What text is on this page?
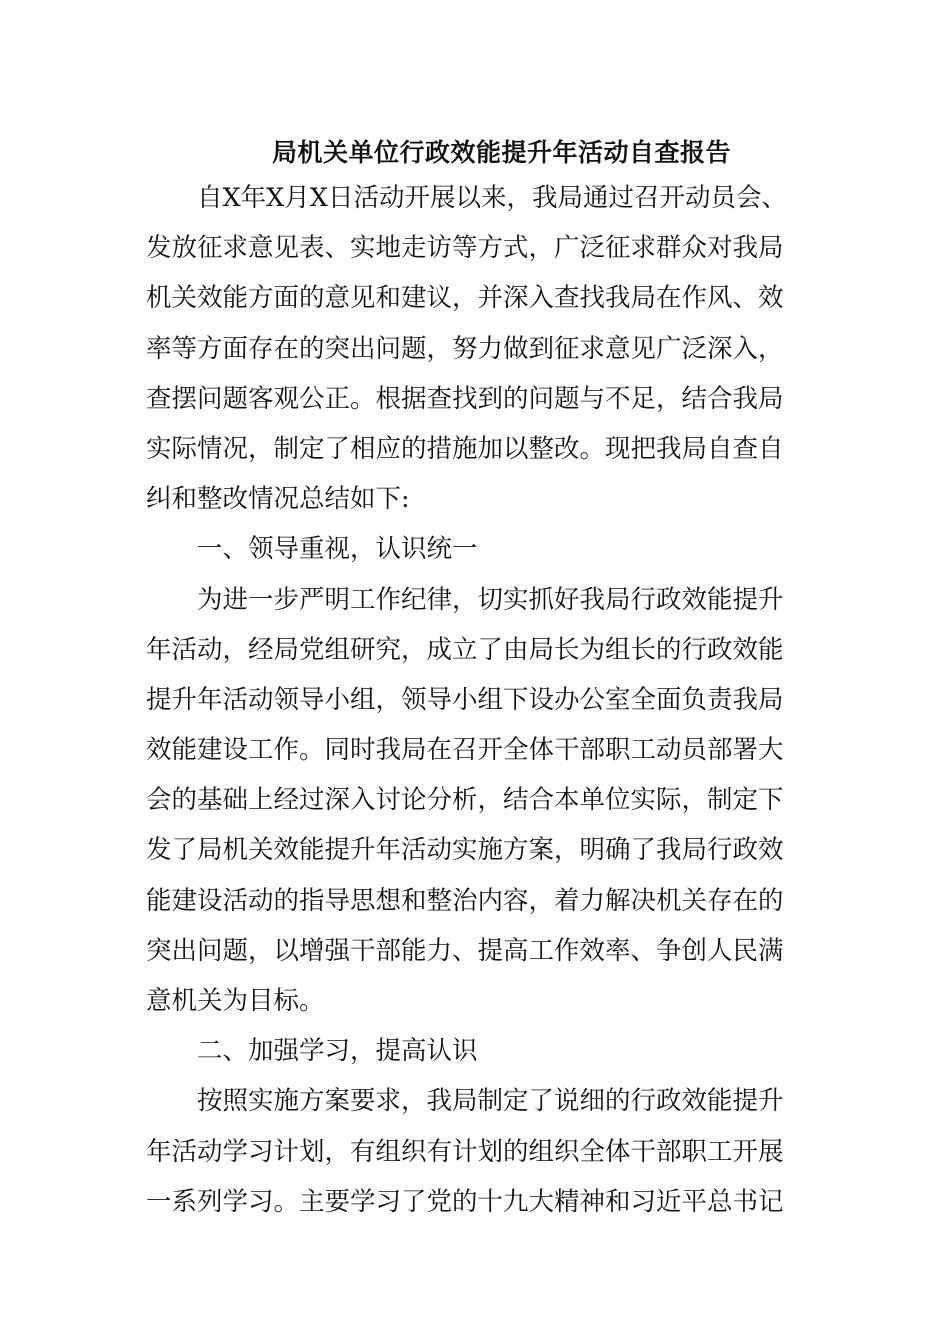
局机关单位行政效能提升年活动自查报告
自X年X月X日活动开展以来，我局通过召开动员会、
发放征求意见表、实地走访等方式，广泛征求群众对我局
机关效能方面的意见和建议，并深入查找我局在作风、效
率等方面存在的突出问题，努力做到征求意见广泛深入，
查摆问题客观公正。根据查找到的问题与不足，结合我局
实际情况，制定了相应的措施加以整改。现把我局自查自
纠和整改情况总结如下:
一、领导重视，认识统一
为进一步严明工作纪律，切实抓好我局行政效能提升
年活动，经局党组研究，成立了由局长为组长的行政效能
提升年活动领导小组，领导小组下设办公室全面负责我局
效能建设工作。同时我局在召开全体干部职工动员部署大
会的基础上经过深入讨论分析，结合本单位实际，制定下
发了局机关效能提升年活动实施方案，明确了我局行政效
能建设活动的指导思想和整治内容，着力解决机关存在的
突出问题，以增强干部能力、提高工作效率、争创人民满
意机关为目标。
二、加强学习，提高认识
按照实施方案要求，我局制定了说细的行政效能提升
年活动学习计划，有组织有计划的组织全体干部职工开展
一系列学习。主要学习了党的十九大精神和习近平总书记
